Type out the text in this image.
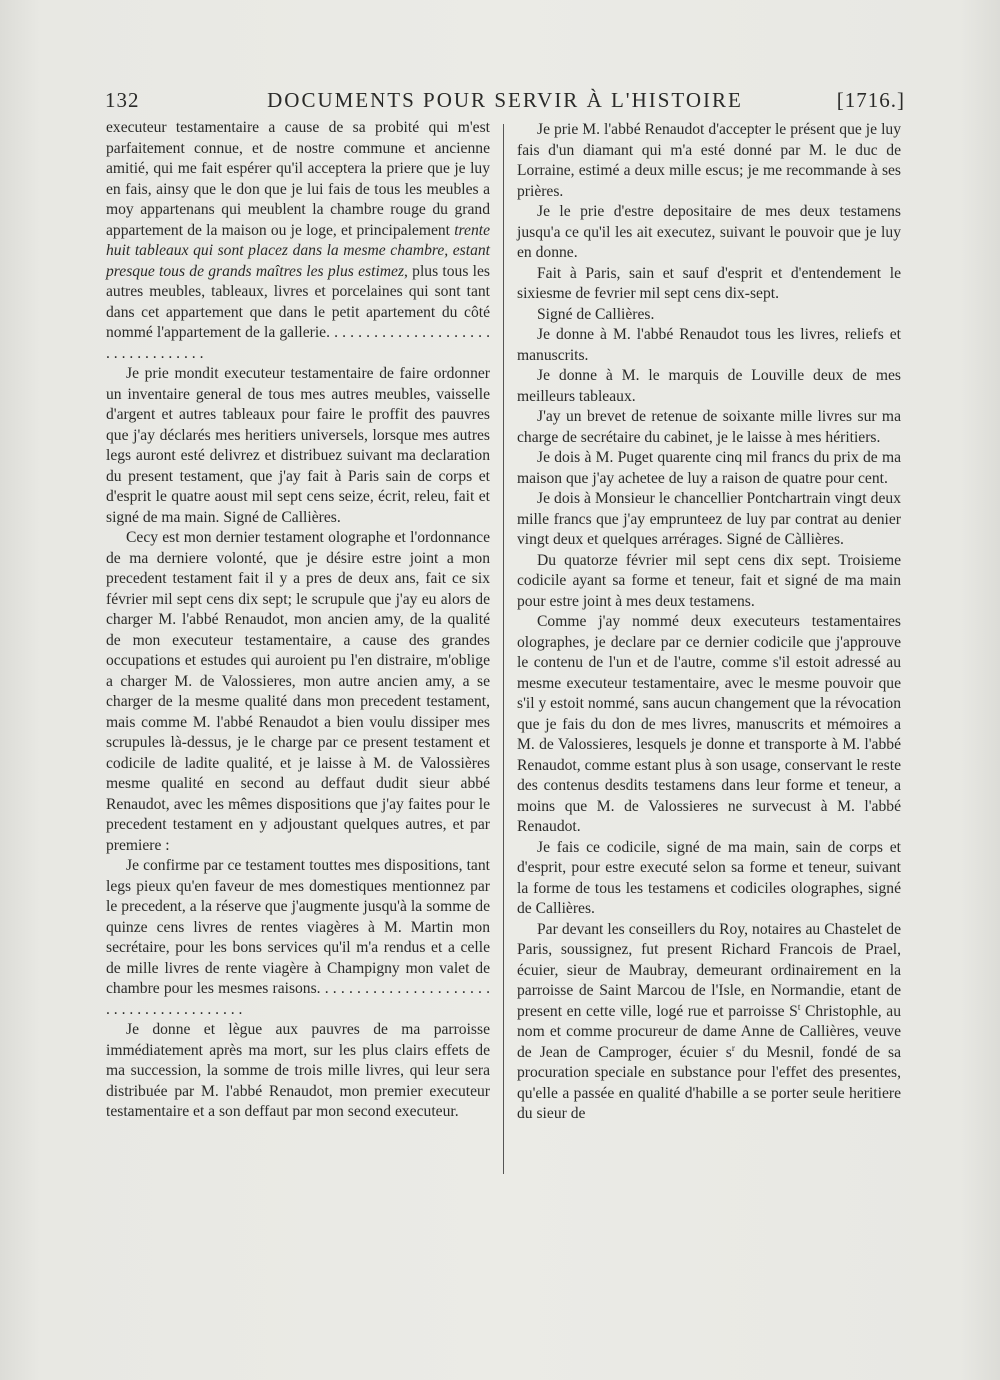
132	DOCUMENTS POUR SERVIR À L'HISTOIRE	[1716.]

executeur testamentaire a cause de sa probité qui m'est parfaitement connue, et de nostre commune et ancienne amitié, qui me fait espérer qu'il acceptera la priere que je luy en fais, ainsy que le don que je lui fais de tous les meubles a moy appartenans qui meublent la chambre rouge du grand appartement de la maison ou je loge, et principalement trente huit tableaux qui sont placez dans la mesme chambre, estant presque tous de grands maîtres les plus estimez, plus tous les autres meubles, tableaux, livres et porcelaines qui sont tant dans cet appartement que dans le petit apartement du côté nommé l'appartement de la gallerie. . . . . . . . . . . . . . . . . . . . . . . . . . . . . . . . . .

Je prie mondit executeur testamentaire de faire ordonner un inventaire general de tous mes autres meubles, vaisselle d'argent et autres tableaux pour faire le proffit des pauvres que j'ay déclarés mes heritiers universels, lorsque mes autres legs auront esté delivrez et distribuez suivant ma declaration du present testament, que j'ay fait à Paris sain de corps et d'esprit le quatre aoust mil sept cens seize, écrit, releu, fait et signé de ma main. Signé de Callières.

Cecy est mon dernier testament olographe et l'ordonnance de ma derniere volonté, que je désire estre joint a mon precedent testament fait il y a pres de deux ans, fait ce six février mil sept cens dix sept; le scrupule que j'ay eu alors de charger M. l'abbé Renaudot, mon ancien amy, de la qualité de mon executeur testamentaire, a cause des grandes occupations et estudes qui auroient pu l'en distraire, m'oblige a charger M. de Valossieres, mon autre ancien amy, a se charger de la mesme qualité dans mon precedent testament, mais comme M. l'abbé Renaudot a bien voulu dissiper mes scrupules là-dessus, je le charge par ce present testament et codicile de ladite qualité, et je laisse à M. de Valossières mesme qualité en second au deffaut dudit sieur abbé Renaudot, avec les mêmes dispositions que j'ay faites pour le precedent testament en y adjoustant quelques autres, et par premiere :

Je confirme par ce testament touttes mes dispositions, tant legs pieux qu'en faveur de mes domestiques mentionnez par le precedent, a la réserve que j'augmente jusqu'à la somme de quinze cens livres de rentes viagères à M. Martin mon secrétaire, pour les bons services qu'il m'a rendus et a celle de mille livres de rente viagère à Champigny mon valet de chambre pour les mesmes raisons. . . . . . . . . . . . . . . . . . . . . . . . . . . . . . . . . . . . . . . .

Je donne et lègue aux pauvres de ma parroisse immédiatement après ma mort, sur les plus clairs effets de ma succession, la somme de trois mille livres, qui leur sera distribuée par M. l'abbé Renaudot, mon premier executeur testamentaire et a son deffaut par mon second executeur.

Je prie M. l'abbé Renaudot d'accepter le présent que je luy fais d'un diamant qui m'a esté donné par M. le duc de Lorraine, estimé a deux mille escus; je me recommande à ses prières.

Je le prie d'estre depositaire de mes deux testamens jusqu'a ce qu'il les ait executez, suivant le pouvoir que je luy en donne.

Fait à Paris, sain et sauf d'esprit et d'entendement le sixiesme de fevrier mil sept cens dix-sept.

Signé de Callières.

Je donne à M. l'abbé Renaudot tous les livres, reliefs et manuscrits.

Je donne à M. le marquis de Louville deux de mes meilleurs tableaux.

J'ay un brevet de retenue de soixante mille livres sur ma charge de secrétaire du cabinet, je le laisse à mes héritiers.

Je dois à M. Puget quarente cinq mil francs du prix de ma maison que j'ay achetee de luy a raison de quatre pour cent.

Je dois à Monsieur le chancellier Pontchartrain vingt deux mille francs que j'ay emprunteez de luy par contrat au denier vingt deux et quelques arrérages. Signé de Càllières.

Du quatorze février mil sept cens dix sept. Troisieme codicile ayant sa forme et teneur, fait et signé de ma main pour estre joint à mes deux testamens.

Comme j'ay nommé deux executeurs testamentaires olographes, je declare par ce dernier codicile que j'approuve le contenu de l'un et de l'autre, comme s'il estoit adressé au mesme executeur testamentaire, avec le mesme pouvoir que s'il y estoit nommé, sans aucun changement que la révocation que je fais du don de mes livres, manuscrits et mémoires a M. de Valossieres, lesquels je donne et transporte à M. l'abbé Renaudot, comme estant plus à son usage, conservant le reste des contenus desdits testamens dans leur forme et teneur, a moins que M. de Valossieres ne survecust à M. l'abbé Renaudot.

Je fais ce codicile, signé de ma main, sain de corps et d'esprit, pour estre executé selon sa forme et teneur, suivant la forme de tous les testamens et codiciles olographes, signé de Callières.

Par devant les conseillers du Roy, notaires au Chastelet de Paris, soussignez, fut present Richard Francois de Prael, écuier, sieur de Maubray, demeurant ordinairement en la parroisse de Saint Marcou de l'Isle, en Normandie, etant de present en cette ville, logé rue et parroisse $S^t$ Christophle, au nom et comme procureur de dame Anne de Callières, veuve de Jean de Camproger, écuier $s^r$ du Mesnil, fondé de sa procuration speciale en substance pour l'effet des presentes, qu'elle a passée en qualité d'habille a se porter seule heritiere du sieur de
